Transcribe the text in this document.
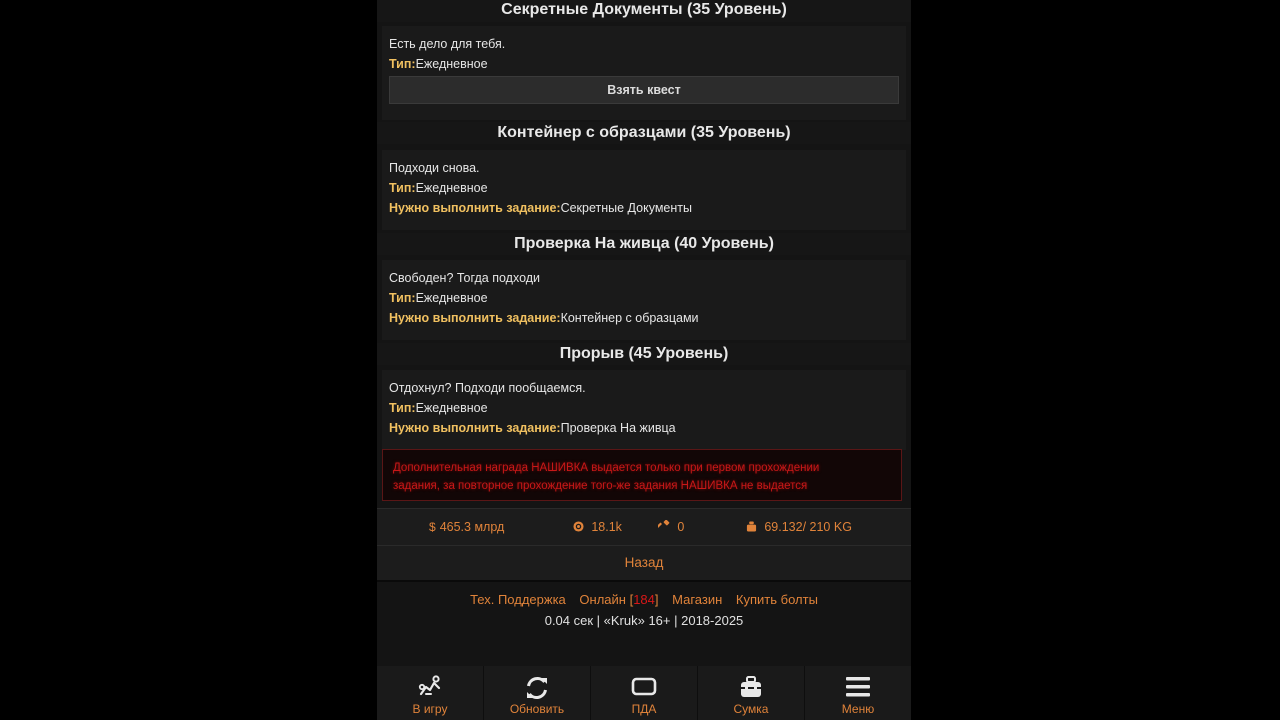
Секретные Документы (35 Уровень)
Есть дело для тебя.
Тип:Ежедневное
Взять квест
Контейнер с образцами (35 Уровень)
Подходи снова.
Тип:Ежедневное
Нужно выполнить задание:Секретные Документы
Проверка На живца (40 Уровень)
Свободен? Тогда подходи
Тип:Ежедневное
Нужно выполнить задание:Контейнер с образцами
Прорыв (45 Уровень)
Отдохнул? Подходи пообщаемся.
Тип:Ежедневное
Нужно выполнить задание:Проверка На живца
Дополнительная награда НАШИВКА выдается только при первом прохождении
задания, за повторное прохождение того-же задания НАШИВКА не выдается
$ 465.3 млрд	18.1k	0	69.132/ 210 KG
Назад
Тех. Поддержка Онлайн [184] Магазин Купить болты
0.04 сек | «Kruk» 16+ | 2018-2025
В игру	Обновить	ПДА	Сумка	Меню
